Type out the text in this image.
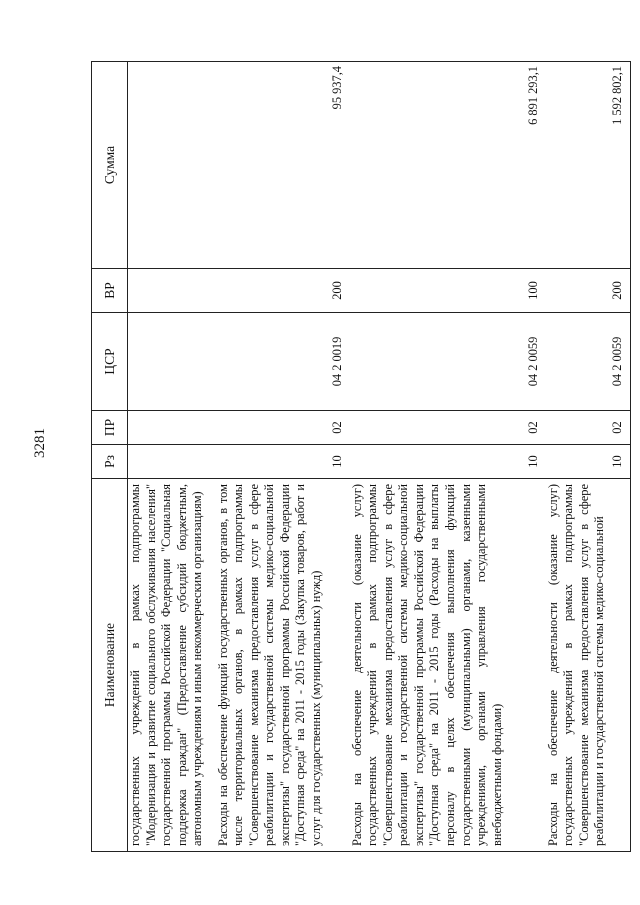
3281
Наименование	Рз	ПР	ЦСР	ВР	Сумма
государственных учреждений в рамках подпрограммы "Модернизация и развитие социального обслуживания населения" государственной программы Российской Федерации "Социальная поддержка граждан" (Предоставление субсидий бюджетным, автономным учреждениям и иным некоммерческим организациям)					
Расходы на обеспечение функций государственных органов, в том числе территориальных органов, в рамках подпрограммы "Совершенствование механизма предоставления услуг в сфере реабилитации и государственной системы медико-социальной экспертизы" государственной программы Российской Федерации "Доступная среда" на 2011 - 2015 годы (Закупка товаров, работ и услуг для государственных (муниципальных) нужд)	10	02	04 2 0019	200	95 937,4
Расходы на обеспечение деятельности (оказание услуг) государственных учреждений в рамках подпрограммы "Совершенствование механизма предоставления услуг в сфере реабилитации и государственной системы медико-социальной экспертизы" государственной программы Российской Федерации "Доступная среда" на 2011 - 2015 годы (Расходы на выплаты персоналу в целях обеспечения выполнения функций государственными (муниципальными) органами, казенными учреждениями, органами управления государственными внебюджетными фондами)	10	02	04 2 0059	100	6 891 293,1
Расходы на обеспечение деятельности (оказание услуг) государственных учреждений в рамках подпрограммы "Совершенствование механизма предоставления услуг в сфере реабилитации и государственной системы медико-социальной	10	02	04 2 0059	200	1 592 802,1
